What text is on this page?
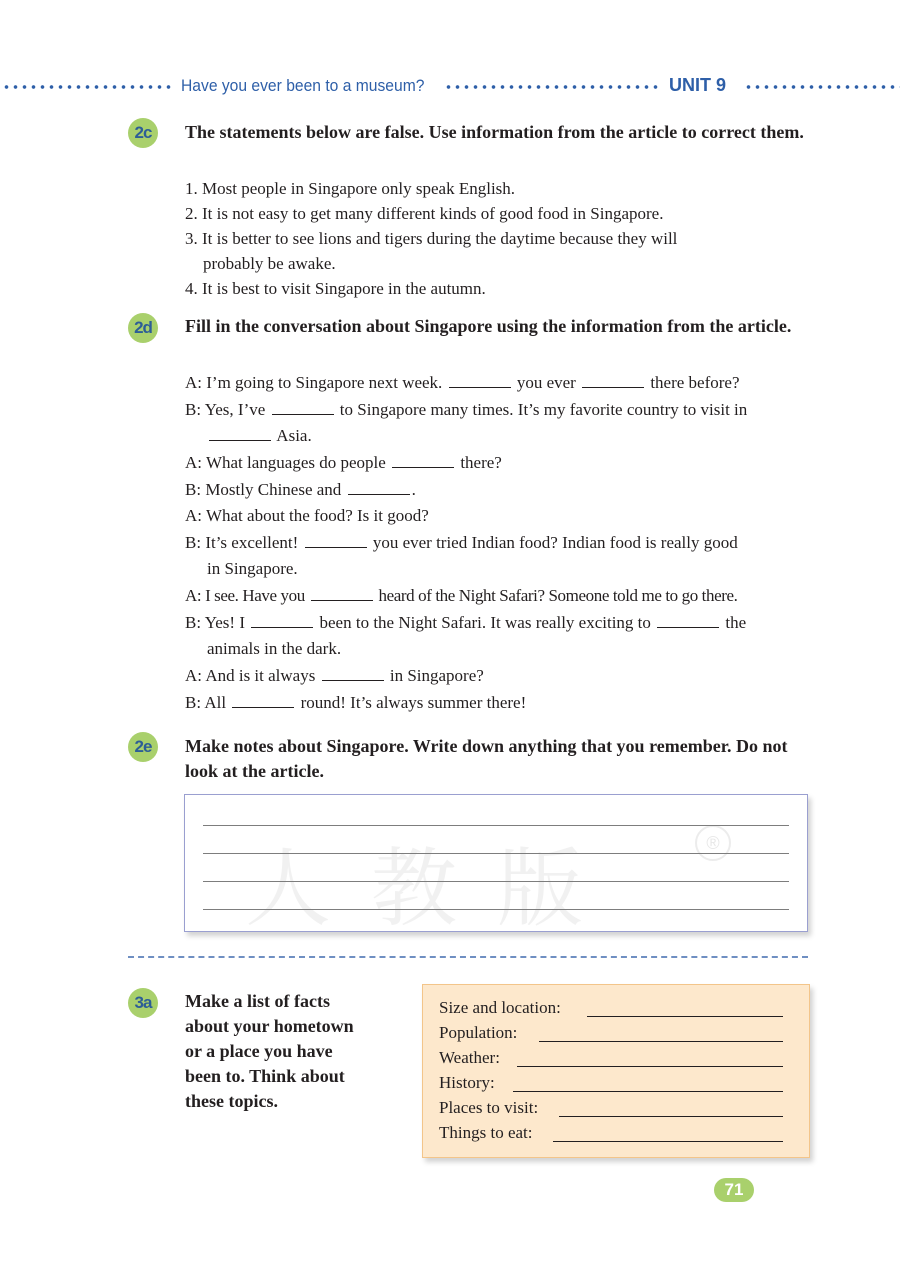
Have you ever been to a museum?	UNIT 9
2c	The statements below are false. Use information from the article to correct them.
1. Most people in Singapore only speak English.
2. It is not easy to get many different kinds of good food in Singapore.
3. It is better to see lions and tigers during the daytime because they will
probably be awake.
4. It is best to visit Singapore in the autumn.
2d	Fill in the conversation about Singapore using the information from the article.
A: I’m going to Singapore next week.	you ever	there before?
B: Yes, I’ve	to Singapore many times. It’s my favorite country to visit in
Asia.
A: What languages do people	there?
B: Mostly Chinese and	.
A: What about the food? Is it good?
B: It’s excellent!	you ever tried Indian food? Indian food is really good
in Singapore.
A: I see. Have you	heard of the Night Safari? Someone told me to go there.
B: Yes! I	been to the Night Safari. It was really exciting to	the
animals in the dark.
A: And is it always	in Singapore?
B: All	round! It’s always summer there!
2e	Make notes about Singapore. Write down anything that you remember. Do not look at the article.
人教版	®
3a	Make a list of facts
about your hometown
or a place you have
been to. Think about
these topics.
Size and location:
Population:
Weather:
History:
Places to visit:
Things to eat:
71
